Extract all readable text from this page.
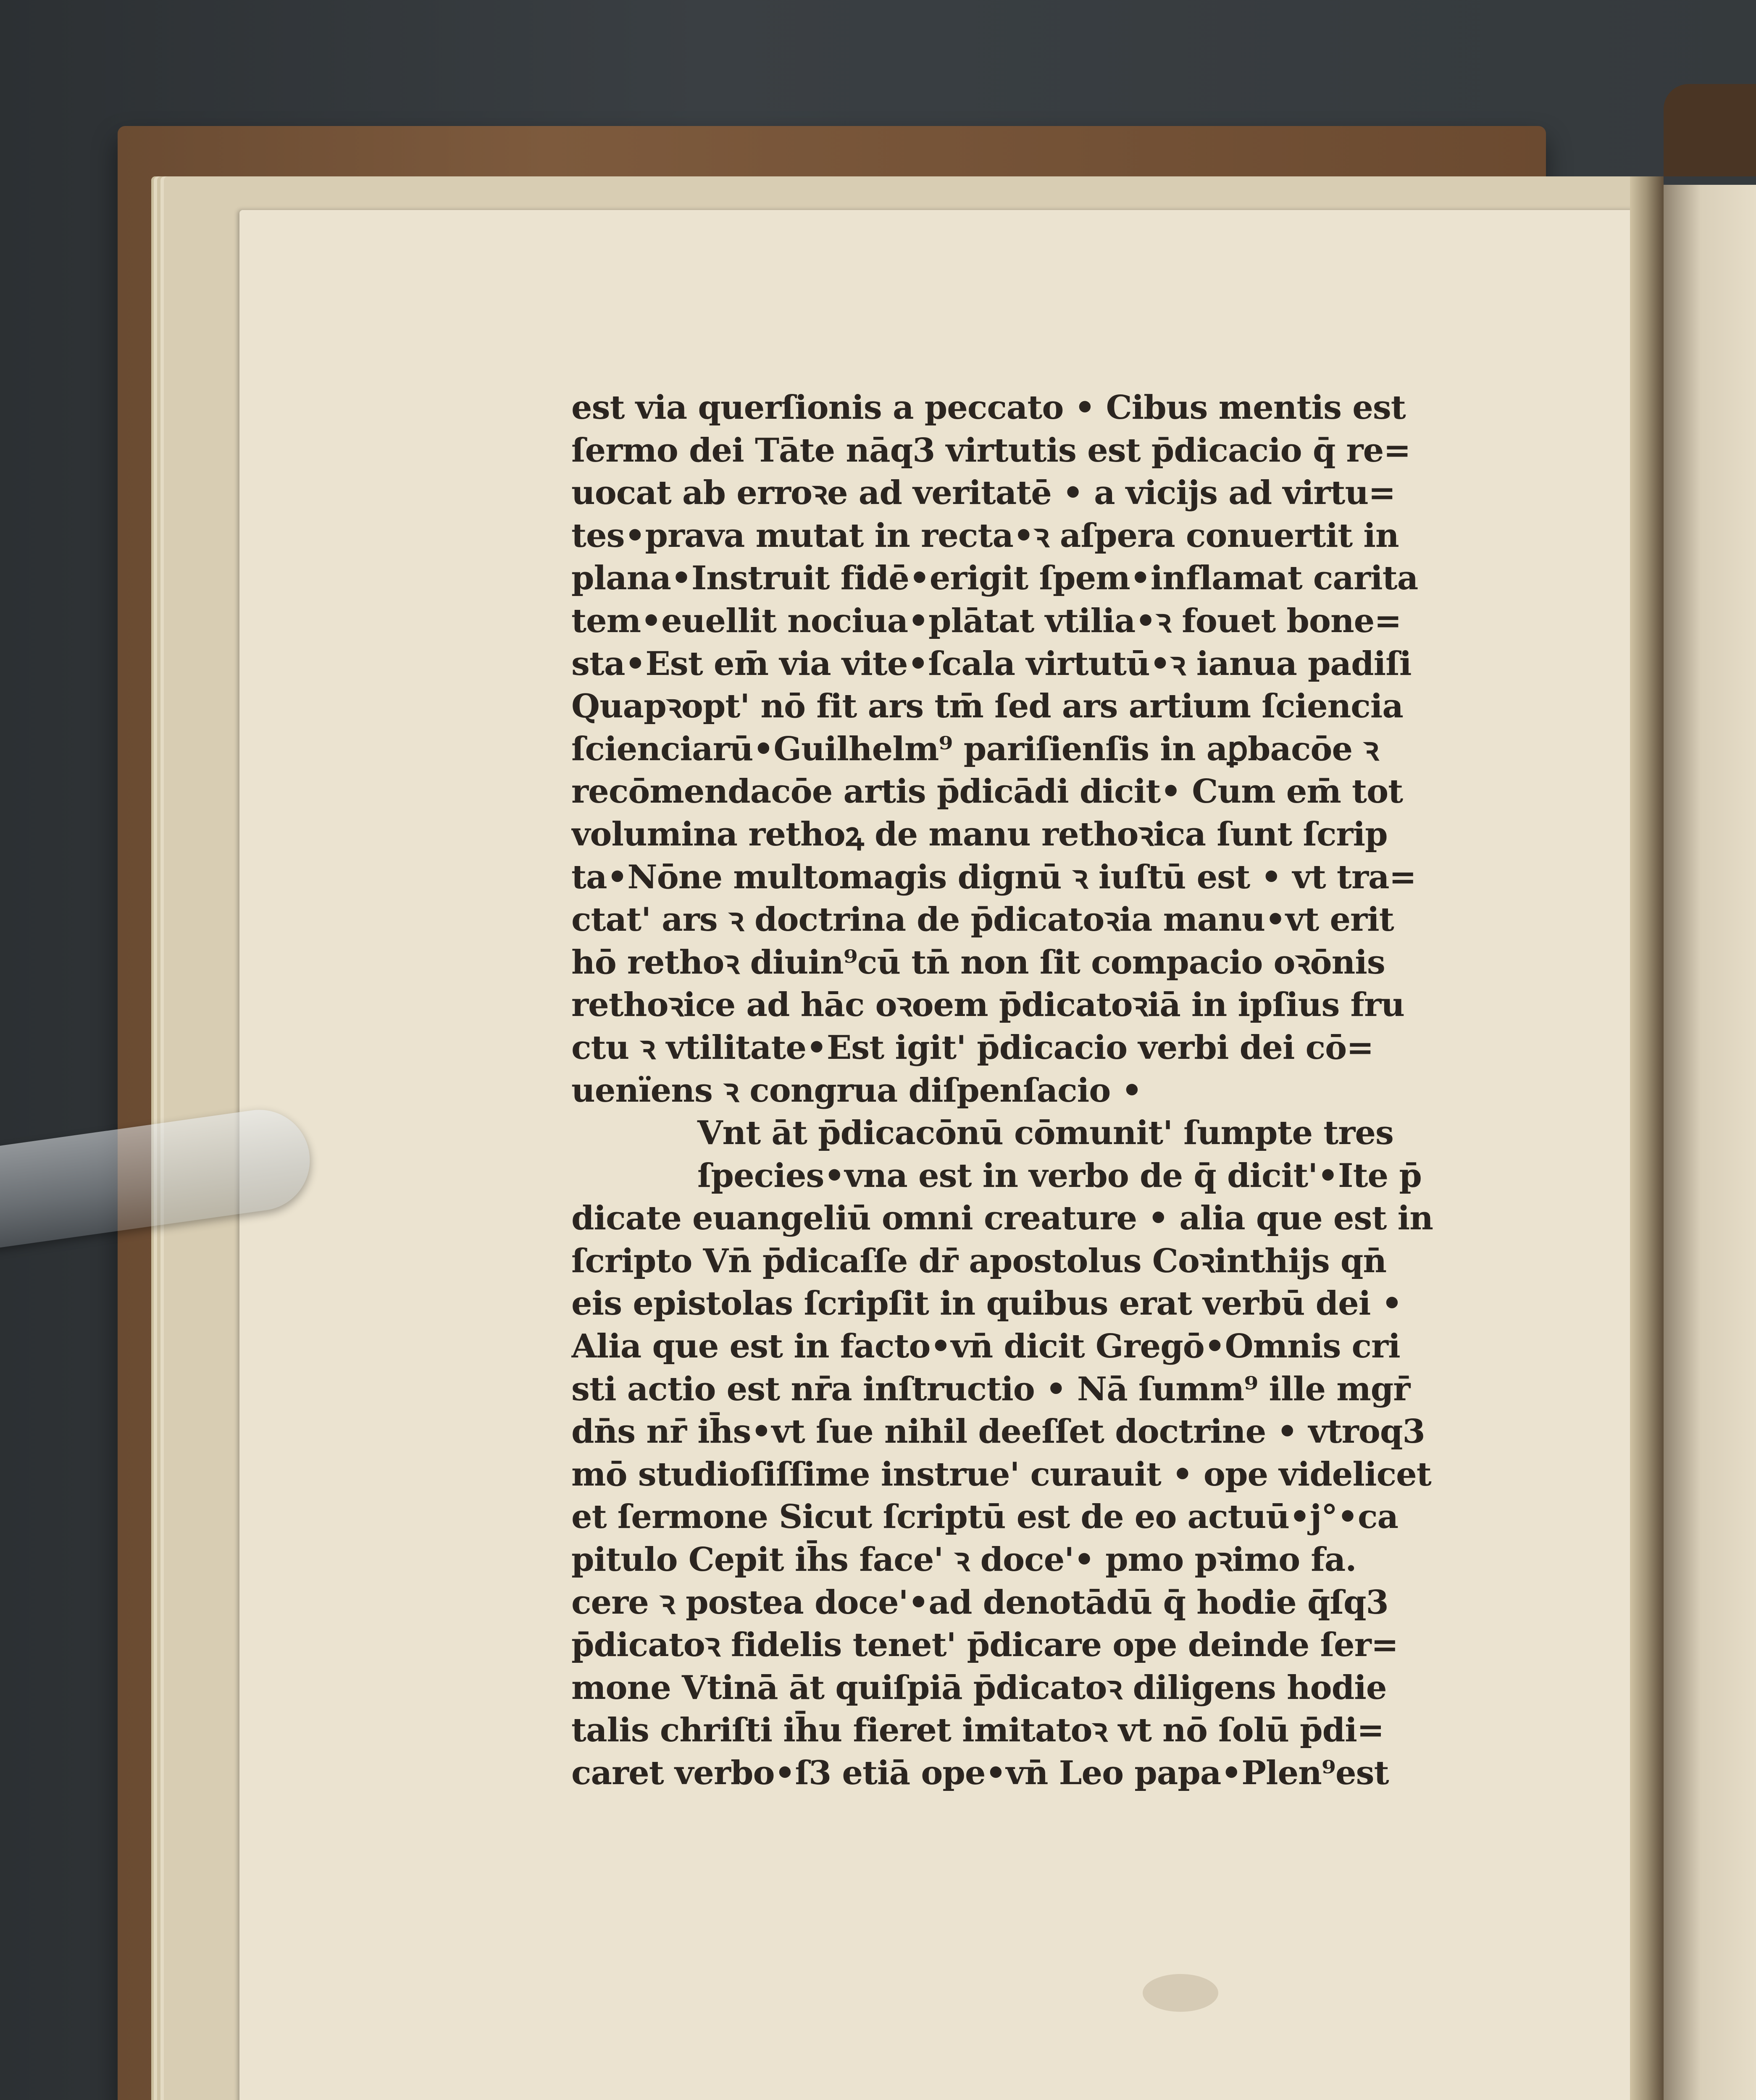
est via querſionis a peccato • Cibus mentis est
ſermo dei Tāte nāq3 virtutis est p̄dicacio q̄ re=
uocat ab erroꝛe ad veritatē • a vicijs ad virtu=
tes•prava mutat in recta•ꝛ aſpera conuertit in
plana•Instruit fidē•erigit ſpem•inflamat carita
tem•euellit nociua•plātat vtilia•ꝛ fouet bone=
sta•Est em̄ via vite•ſcala virtutū•ꝛ ianua padiſi
Quapꝛopt' nō fit ars tm̄ ſed ars artium ſciencia
ſcienciarū•Guilhelm⁹ pariſienſis in aꝑbacōe ꝛ
recōmendacōe artis p̄dicādi dicit• Cum em̄ tot
volumina rethoꝝ de manu rethoꝛica ſunt ſcrip
ta•Nōne multomagis dignū ꝛ iuſtū est • vt tra=
ctat' ars ꝛ doctrina de p̄dicatoꝛia manu•vt erit
hō rethoꝛ diuin⁹cū tn̄ non ſit compacio oꝛōnis
rethoꝛice ad hāc oꝛoem p̄dicatoꝛiā in ipſius fru
ctu ꝛ vtilitate•Est igit' p̄dicacio verbi dei cō=
uenïens ꝛ congrua diſpenſacio •
Vnt āt p̄dicacōnū cōmunit' ſumpte tres
ſpecies•vna est in verbo de q̄ dicit'•Ite p̄
dicate euangeliū omni creature • alia que est in
ſcripto Vn̄ p̄dicaſſe dr̄ apostolus Coꝛinthijs qn̄
eis epistolas ſcripſit in quibus erat verbū dei •
Alia que est in facto•vn̄ dicit Gregō•Omnis cri
sti actio est nr̄a inſtructio • Nā ſumm⁹ ille mgr̄
dn̄s nr̄ ih̄s•vt ſue nihil deeſſet doctrine • vtroq3
mō studioſiſſime instrue' curauit • ope videlicet
et ſermone Sicut ſcriptū est de eo actuū•j°•ca
pitulo Cepit ih̄s face' ꝛ doce'• pmo pꝛimo fa.
cere ꝛ postea doce'•ad denotādū q̄ hodie q̄ſq3
p̄dicatoꝛ fidelis tenet' p̄dicare ope deinde ſer=
mone Vtinā āt quiſpiā p̄dicatoꝛ diligens hodie
talis chriſti ih̄u fieret imitatoꝛ vt nō ſolū p̄di=
caret verbo•ſ3 etiā ope•vn̄ Leo papa•Plen⁹est
